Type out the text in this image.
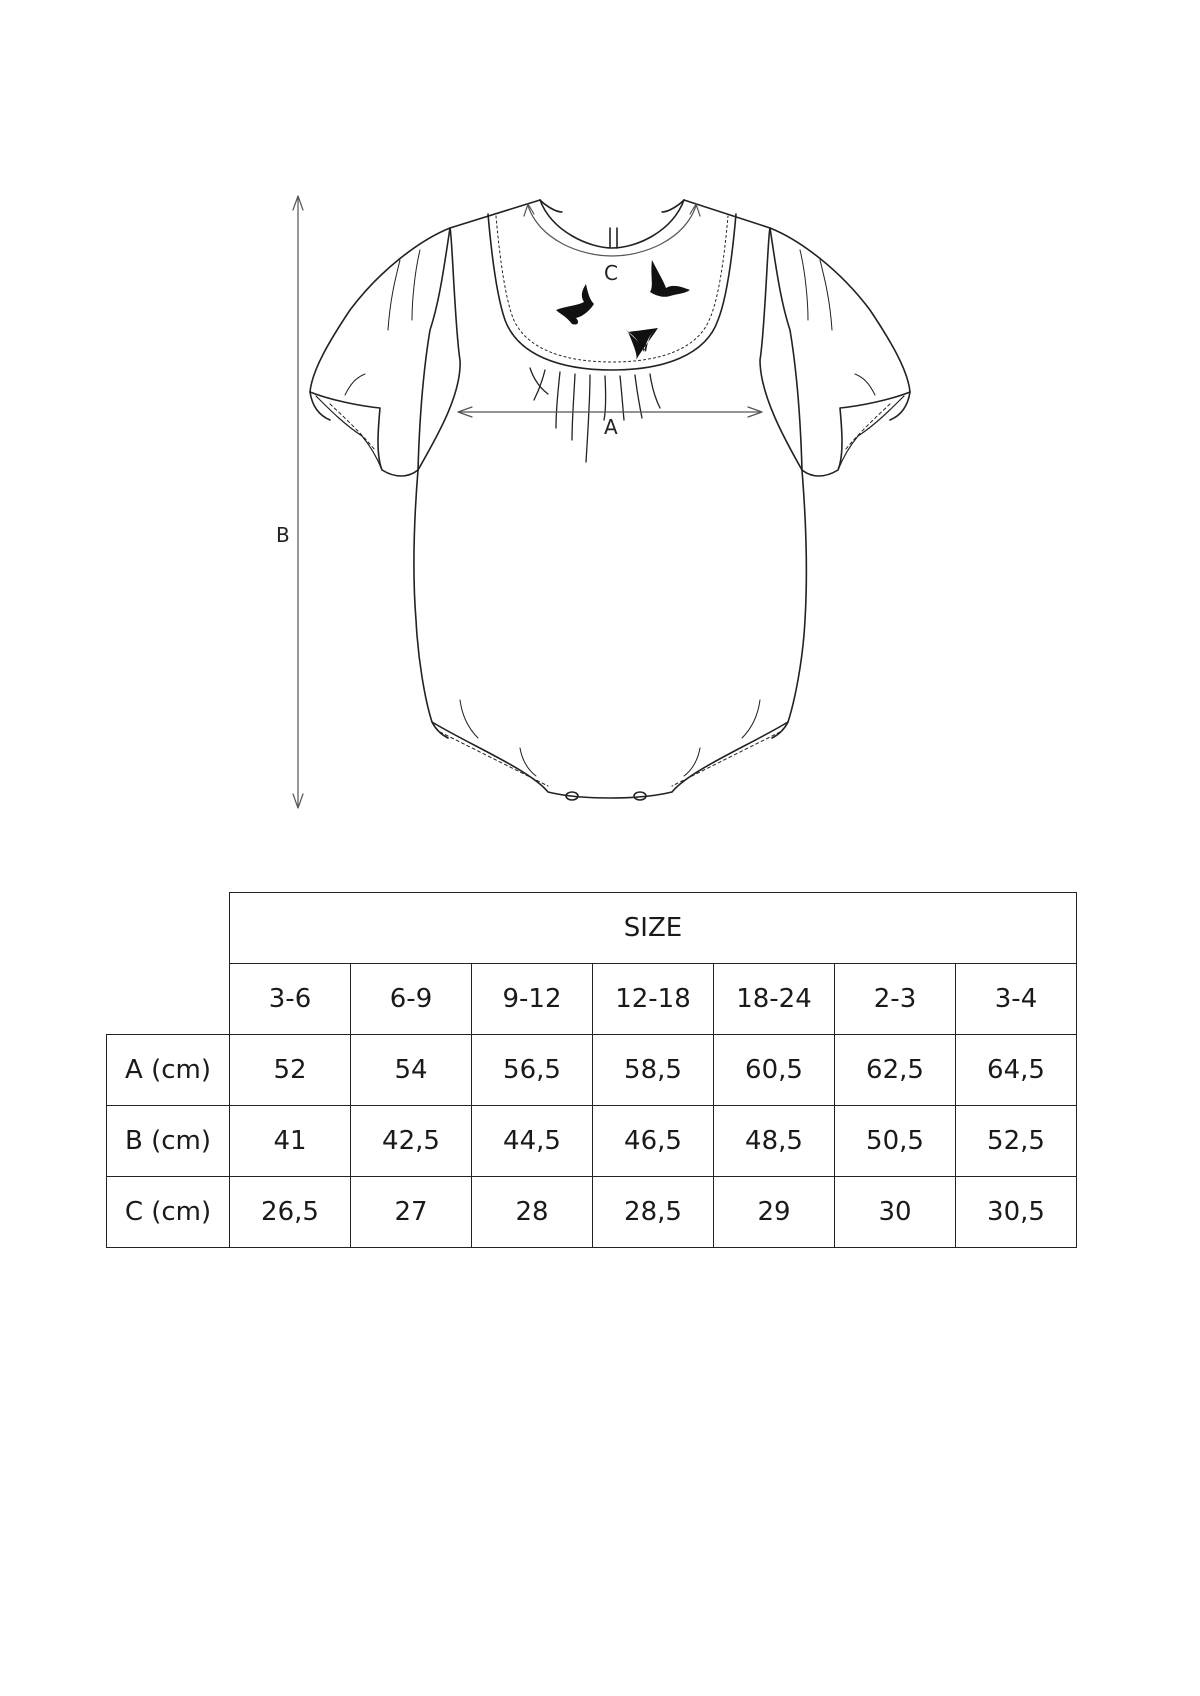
B
A
C
	SIZE						
	3-6	6-9	9-12	12-18	18-24	2-3	3-4
A (cm)	52	54	56,5	58,5	60,5	62,5	64,5
B (cm)	41	42,5	44,5	46,5	48,5	50,5	52,5
C (cm)	26,5	27	28	28,5	29	30	30,5
